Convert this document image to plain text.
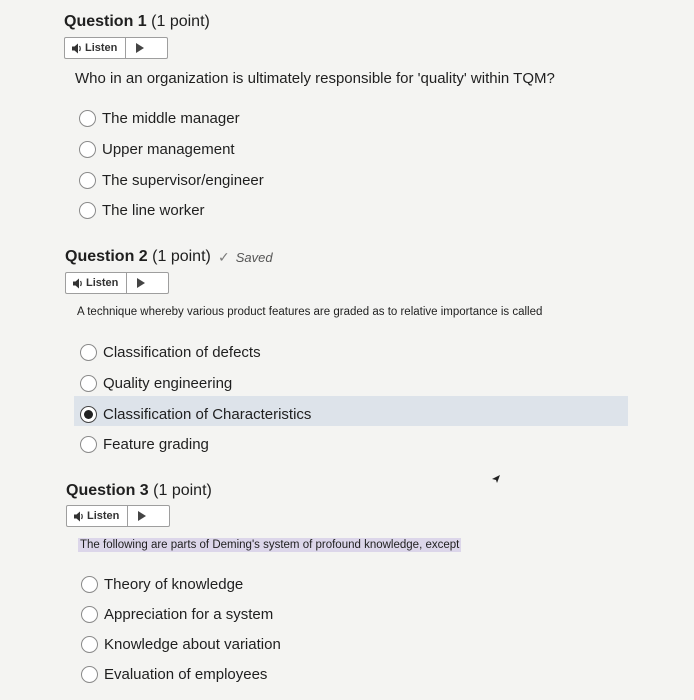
Question 1 (1 point)
Listen
Who in an organization is ultimately responsible for 'quality' within TQM?
The middle manager
Upper management
The supervisor/engineer
The line worker
Question 2 (1 point) ✓ Saved
Listen
A technique whereby various product features are graded as to relative importance is called
Classification of defects
Quality engineering
Classification of Characteristics
Feature grading
Question 3 (1 point)
Listen
The following are parts of Deming's system of profound knowledge, except
Theory of knowledge
Appreciation for a system
Knowledge about variation
Evaluation of employees
